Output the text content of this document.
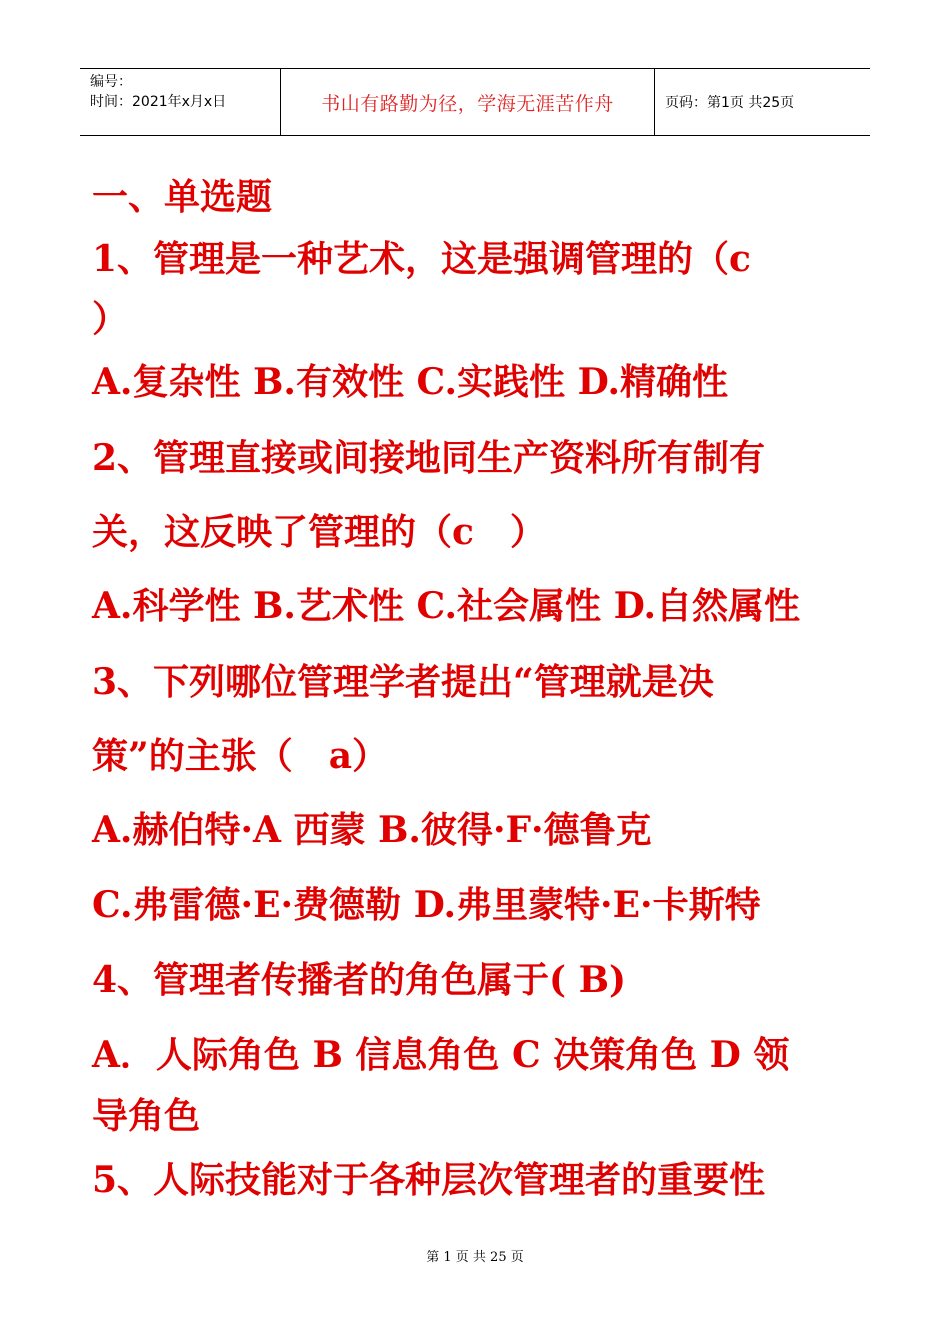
编号：
时间：2021年x月x日	书山有路勤为径，学海无涯苦作舟	页码：第1页 共25页
一、单选题
1、管理是一种艺术，这是强调管理的（c
）
A.复杂性 B.有效性 C.实践性 D.精确性
2、管理直接或间接地同生产资料所有制有
关，这反映了管理的（c　）
A.科学性 B.艺术性 C.社会属性 D.自然属性
3、下列哪位管理学者提出“管理就是决
策”的主张（　a）
A.赫伯特·A 西蒙 B.彼得·F·德鲁克
C.弗雷德·E·费德勒 D.弗里蒙特·E·卡斯特
4、管理者传播者的角色属于( B)
A．人际角色 B 信息角色 C 决策角色 D 领
导角色
5、人际技能对于各种层次管理者的重要性
第 1 页 共 25 页
